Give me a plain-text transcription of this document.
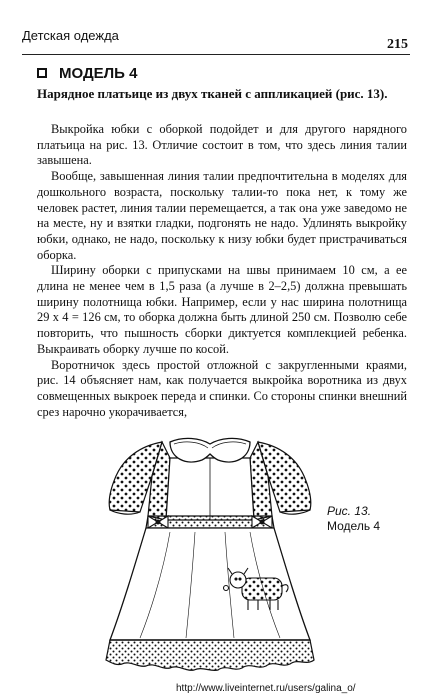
Детская одежда
215
МОДЕЛЬ 4

Нарядное платьице из двух тканей с аппликацией (рис. 13).

Выкройка юбки с оборкой подойдет и для другого нарядного платьица на рис. 13. Отличие состоит в том, что здесь линия талии завышена.

Вообще, завышенная линия талии предпочтительна в моделях для дошкольного возраста, поскольку талии-то пока нет, к тому же человек растет, линия талии перемещается, а так она уже заведомо не на месте, ну и взятки гладки, подгонять не надо. Удлинять выкройку юбки, однако, не надо, поскольку к низу юбки будет пристрачиваться оборка.

Ширину оборки с припусками на швы принимаем 10 см, а ее длина не менее чем в 1,5 раза (а лучше в 2–2,5) должна превышать ширину полотнища юбки. Например, если у нас ширина полотнища 29 х 4 = 126 см, то оборка должна быть длиной 250 см. Позволю себе повторить, что пышность сборки диктуется комплекцией ребенка. Выкраивать оборку лучше по косой.

Воротничок здесь простой отложной с закругленными краями, рис. 14 объясняет нам, как получается выкройка воротника из двух совмещенных выкроек переда и спинки. Со стороны спинки внешний срез нарочно укорачивается,

Рис. 13.
Модель 4
http://www.liveinternet.ru/users/galina_o/
